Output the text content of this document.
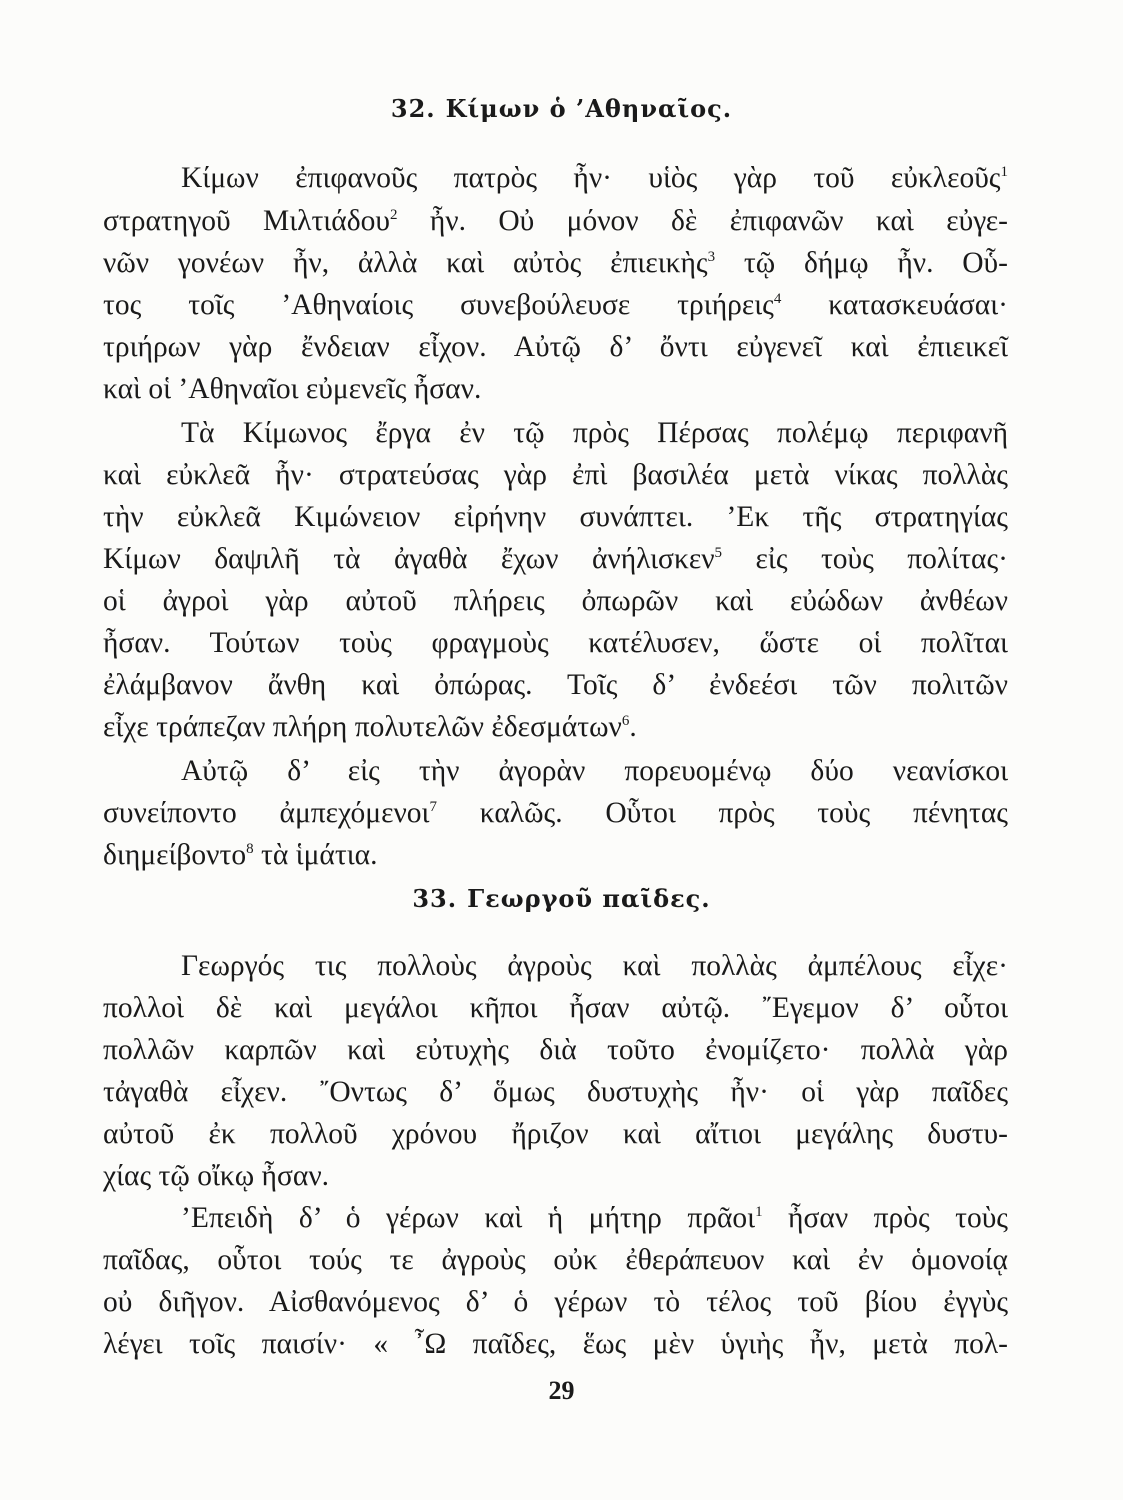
32. Κίμων ὁ ’Αθηναῖος.
Κίμων ἐπιφανοῦς πατρὸς ἦν· υἱὸς γὰρ τοῦ εὐκλεοῦς$^1$
στρατηγοῦ Μιλτιάδου$^2$ ἦν. Οὐ μόνον δὲ ἐπιφανῶν καὶ εὐγε-
νῶν γονέων ἦν, ἀλλὰ καὶ αὐτὸς ἐπιεικὴς$^3$ τῷ δήμῳ ἦν. Οὗ-
τος τοῖς ’Αθηναίοις συνεβούλευσε τριήρεις$^4$ κατασκευάσαι·
τριήρων γὰρ ἔνδειαν εἶχον. Αὐτῷ δ’ ὄντι εὐγενεῖ καὶ ἐπιεικεῖ
καὶ οἱ ’Αθηναῖοι εὐμενεῖς ἦσαν.
Τὰ Κίμωνος ἔργα ἐν τῷ πρὸς Πέρσας πολέμῳ περιφανῆ
καὶ εὐκλεᾶ ἦν· στρατεύσας γὰρ ἐπὶ βασιλέα μετὰ νίκας πολλὰς
τὴν εὐκλεᾶ Κιμώνειον εἰρήνην συνάπτει. ’Εκ τῆς στρατηγίας
Κίμων δαψιλῆ τὰ ἀγαθὰ ἔχων ἀνήλισκεν$^5$ εἰς τοὺς πολίτας·
οἱ ἀγροὶ γὰρ αὐτοῦ πλήρεις ὀπωρῶν καὶ εὐώδων ἀνθέων
ἦσαν. Τούτων τοὺς φραγμοὺς κατέλυσεν, ὥστε οἱ πολῖται
ἐλάμβανον ἄνθη καὶ ὀπώρας. Τοῖς δ’ ἐνδεέσι τῶν πολιτῶν
εἶχε τράπεζαν πλήρη πολυτελῶν ἐδεσμάτων$^6$.
Αὐτῷ δ’ εἰς τὴν ἀγορὰν πορευομένῳ δύο νεανίσκοι
συνείποντο ἀμπεχόμενοι$^7$ καλῶς. Οὗτοι πρὸς τοὺς πένητας
διημείβοντο$^8$ τὰ ἱμάτια.
33. Γεωργοῦ παῖδες.
Γεωργός τις πολλοὺς ἀγροὺς καὶ πολλὰς ἀμπέλους εἶχε·
πολλοὶ δὲ καὶ μεγάλοι κῆποι ἦσαν αὐτῷ. ῎Εγεμον δ’ οὗτοι
πολλῶν καρπῶν καὶ εὐτυχὴς διὰ τοῦτο ἐνομίζετο· πολλὰ γὰρ
τἀγαθὰ εἶχεν. ῎Οντως δ’ ὅμως δυστυχὴς ἦν· οἱ γὰρ παῖδες
αὐτοῦ ἐκ πολλοῦ χρόνου ἤριζον καὶ αἴτιοι μεγάλης δυστυ-
χίας τῷ οἴκῳ ἦσαν.
’Επειδὴ δ’ ὁ γέρων καὶ ἡ μήτηρ πρᾶοι$^1$ ἦσαν πρὸς τοὺς
παῖδας, οὗτοι τούς τε ἀγροὺς οὐκ ἐθεράπευον καὶ ἐν ὁμονοίᾳ
οὐ διῆγον. Αἰσθανόμενος δ’ ὁ γέρων τὸ τέλος τοῦ βίου ἐγγὺς
λέγει τοῖς παισίν· « ῏Ω παῖδες, ἕως μὲν ὑγιὴς ἦν, μετὰ πολ-
29
